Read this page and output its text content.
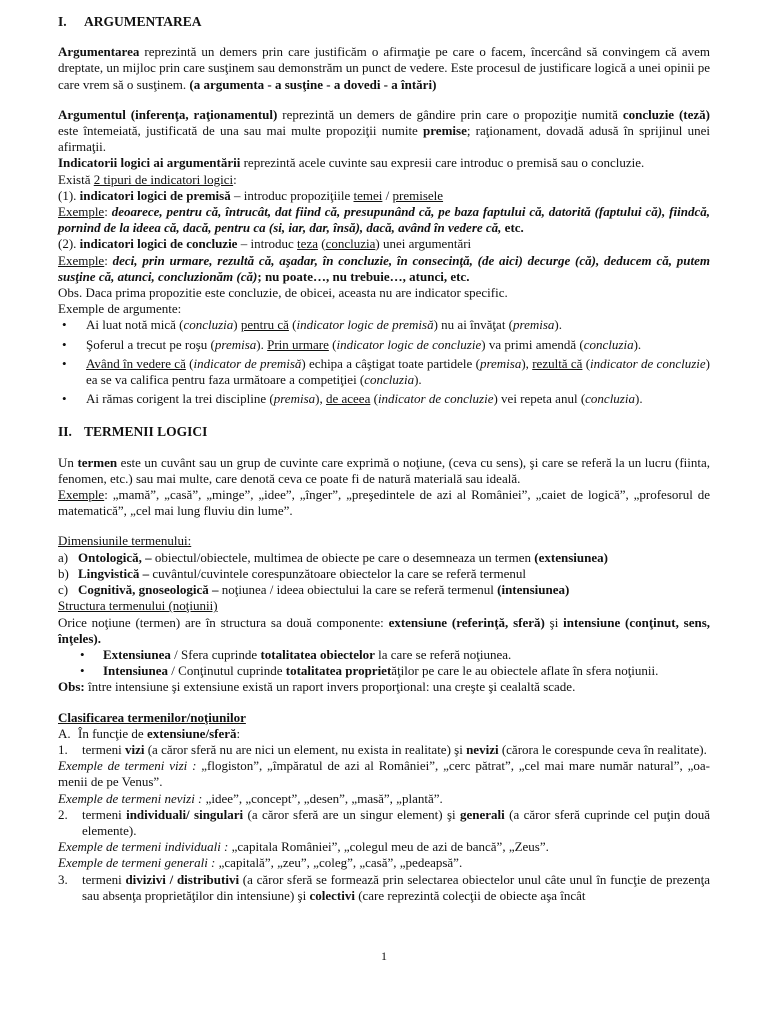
I. ARGUMENTAREA

Argumentarea reprezintă un demers prin care justificăm o afirmaţie pe care o facem, încercând să convingem că avem dreptate, un mijloc prin care susţinem sau demonstrăm un punct de vedere. Este procesul de justificare logică a unei opinii pe care vrem să o susţinem. (a argumenta - a susţine - a dovedi - a întări)

Argumentul (inferenţa, raţionamentul) reprezintă un demers de gândire prin care o propoziţie numită concluzie (teză) este întemeiată, justificată de una sau mai multe propoziţii numite premise; raţionament, dovadă adusă în sprijinul unei afirmaţii.

Indicatorii logici ai argumentării reprezintă acele cuvinte sau expresii care introduc o premisă sau o concluzie.

Există 2 tipuri de indicatori logici:

(1). indicatori logici de premisă – introduc propoziţiile temei / premisele

Exemple: deoarece, pentru că, întrucât, dat fiind că, presupunând că, pe baza faptului că, datorită (faptului că), fiindcă, pornind de la ideea că, dacă, pentru ca (si, iar, dar, însă), dacă, având în vedere că, etc.

(2). indicatori logici de concluzie – introduc teza (concluzia) unei argumentări

Exemple: deci, prin urmare, rezultă că, aşadar, în concluzie, în consecinţă, (de aici) decurge (că), deducem că, putem susţine că, atunci, concluzionăm (că); nu poate…, nu trebuie…, atunci, etc.

Obs. Daca prima propozitie este concluzie, de obicei, aceasta nu are indicator specific.

Exemple de argumente:

• Ai luat notă mică (concluzia) pentru că (indicator logic de premisă) nu ai învăţat (premisa).

• Şoferul a trecut pe roşu (premisa). Prin urmare (indicator logic de concluzie) va primi amendă (concluzia).

• Având în vedere că (indicator de premisă) echipa a câştigat toate partidele (premisa), rezultă că (indicator de concluzie) ea se va califica pentru faza următoare a competiţiei (concluzia).

• Ai rămas corigent la trei discipline (premisa), de aceea (indicator de concluzie) vei repeta anul (concluzia).

II. TERMENII LOGICI

Un termen este un cuvânt sau un grup de cuvinte care exprimă o noţiune, (ceva cu sens), şi care se referă la un lucru (fiinta, fenomen, etc.) sau mai multe, care denotă ceva ce poate fi de natură materială sau ideală.

Exemple: „mamă”, „casă”, „minge”, „idee”, „înger”, „preşedintele de azi al României”, „caiet de logică”, „profesorul de matematică”, „cel mai lung fluviu din lume”.

Dimensiunile termenului:

a) Ontologică, – obiectul/obiectele, multimea de obiecte pe care o desemneaza un termen (extensiunea)

b) Lingvistică – cuvântul/cuvintele corespunzătoare obiectelor la care se referă termenul

c) Cognitivă, gnoseologică – noţiunea / ideea obiectului la care se referă termenul (intensiunea)

Structura termenului (noţiunii)

Orice noţiune (termen) are în structura sa două componente: extensiune (referinţă, sferă) şi intensiune (conţinut, sens, înţeles).

• Extensiunea / Sfera cuprinde totalitatea obiectelor la care se referă noţiunea.

• Intensiunea / Conţinutul cuprinde totalitatea proprietăţilor pe care le au obiectele aflate în sfera noţiunii.

Obs: între intensiune şi extensiune există un raport invers proporţional: una creşte şi cealaltă scade.

Clasificarea termenilor/noţiunilor

A. În funcţie de extensiune/sferă:

1. termeni vizi (a căror sferă nu are nici un element, nu exista in realitate) şi nevizi (cărora le corespunde ceva în realitate).

Exemple de termeni vizi : „flogiston”, „împăratul de azi al României”, „cerc pătrat”, „cel mai mare număr natural”, „oa-menii de pe Venus”.

Exemple de termeni nevizi : „idee”, „concept”, „desen”, „masă”, „plantă”.

2. termeni individuali/ singulari (a căror sferă are un singur element) şi generali (a căror sferă cuprinde cel puţin două elemente).

Exemple de termeni individuali : „capitala României”, „colegul meu de azi de bancă”, „Zeus”.

Exemple de termeni generali : „capitală”, „zeu”, „coleg”, „casă”, „pedeapsă”.

3. termeni divizivi / distributivi (a căror sferă se formează prin selectarea obiectelor unul câte unul în funcţie de prezenţa sau absenţa proprietăţilor din intensiune) şi colectivi (care reprezintă colecţii de obiecte aşa încât

1
